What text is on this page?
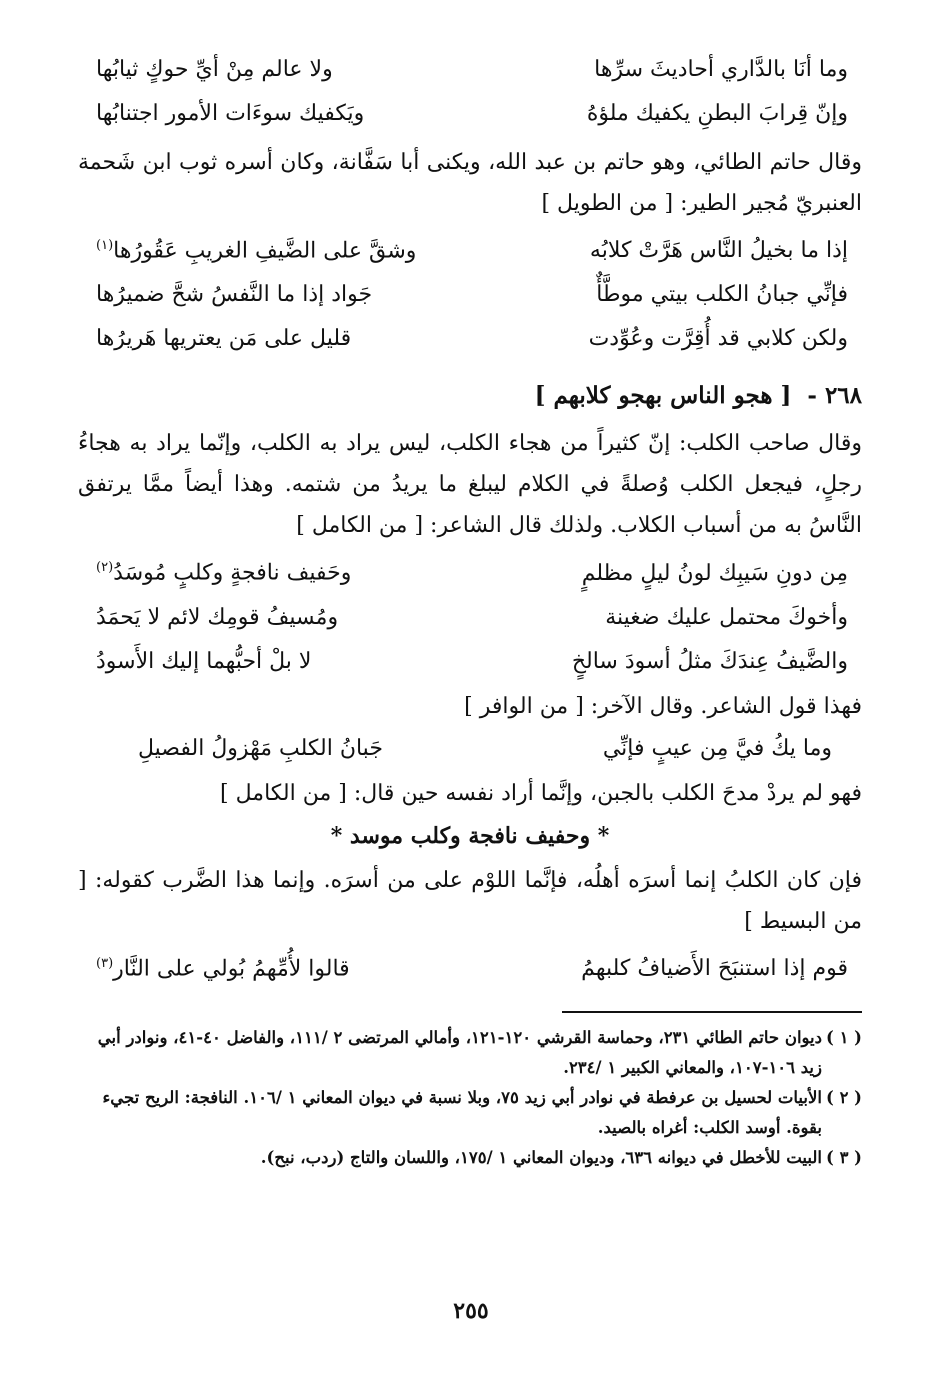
وما أنَا بالدَّاري أحاديثَ سرِّها
ولا عالم مِنْ أيِّ حوكٍ ثيابُها
وإنّ قِرابَ البطنِ يكفيك ملؤهُ
ويَكفيك سوءَات الأمور اجتنابُها

وقال حاتم الطائي، وهو حاتم بن عبد الله، ويكنى أبا سَفَّانة، وكان أسره ثوب ابن شَحمة العنبريّ مُجير الطير: [ من الطويل ]

إذا ما بخيلُ النَّاس هَرَّتْ كلابُه
وشقَّ على الضَّيفِ الغريبِ عَقُورُها$^{(١)}$
فإنِّي جبانُ الكلب بيتي موطَّأٌ
جَواد إذا ما النَّفسُ شحَّ ضميرُها
ولكن كلابي قد أُقِرَّت وعُوِّدت
قليل على مَن يعتريها هَريرُها
٢٦٨ - [ هجو الناس بهجو كلابهم ]

وقال صاحب الكلب: إنّ كثيراً من هجاء الكلب، ليس يراد به الكلب، وإنّما يراد به هجاءُ رجلٍ، فيجعل الكلب وُصلةً في الكلام ليبلغ ما يريدُ من شتمه. وهذا أيضاً ممَّا يرتفق النَّاسُ به من أسباب الكلاب. ولذلك قال الشاعر: [ من الكامل ]

مِن دونِ سَيبِك لونُ ليلٍ مظلمٍ
وحَفيف نافجةٍ وكلبٍ مُوسَدُ$^{(٢)}$
وأخوكَ محتمل عليك ضغينة
ومُسيفُ قومِك لائم لا يَحمَدُ
والضَّيفُ عِندَكَ مثلُ أسودَ سالخٍ
لا بلْ أحبُّهما إليك الأَسودُ

فهذا قول الشاعر. وقال الآخر: [ من الوافر ]

وما يكُ فيَّ مِن عيبٍ فإنِّي
جَبانُ الكلبِ مَهْزولُ الفصيلِ

فهو لم يردْ مدحَ الكلب بالجبن، وإنَّما أراد نفسه حين قال: [ من الكامل ]

* وحفيف نافجة وكلب موسد *

فإن كان الكلبُ إنما أسرَه أهلُه، فإنَّما اللوْم على من أسرَه. وإنما هذا الضَّرب كقوله: [ من البسيط ]

قوم إذا استنبَحَ الأَضيافُ كلبهمُ
قالوا لأُمِّهمُ بُولي على النَّار$^{(٣)}$
( ١ )
ديوان حاتم الطائي ٢٣١، وحماسة القرشي ١٢٠-١٢١، وأمالي المرتضى ٢ /١١١، والفاضل ٤٠-٤١، ونوادر أبي زيد ١٠٦-١٠٧، والمعاني الكبير ١ /٢٣٤.
( ٢ )
الأبيات لحسيل بن عرفطة في نوادر أبي زيد ٧٥، وبلا نسبة في ديوان المعاني ١ /١٠٦. النافجة: الريح تجيء بقوة. أوسد الكلب: أغراه بالصيد.
( ٣ )
البيت للأخطل في ديوانه ٦٣٦، وديوان المعاني ١ /١٧٥، واللسان والتاج (ردب، نبح).
٢٥٥
